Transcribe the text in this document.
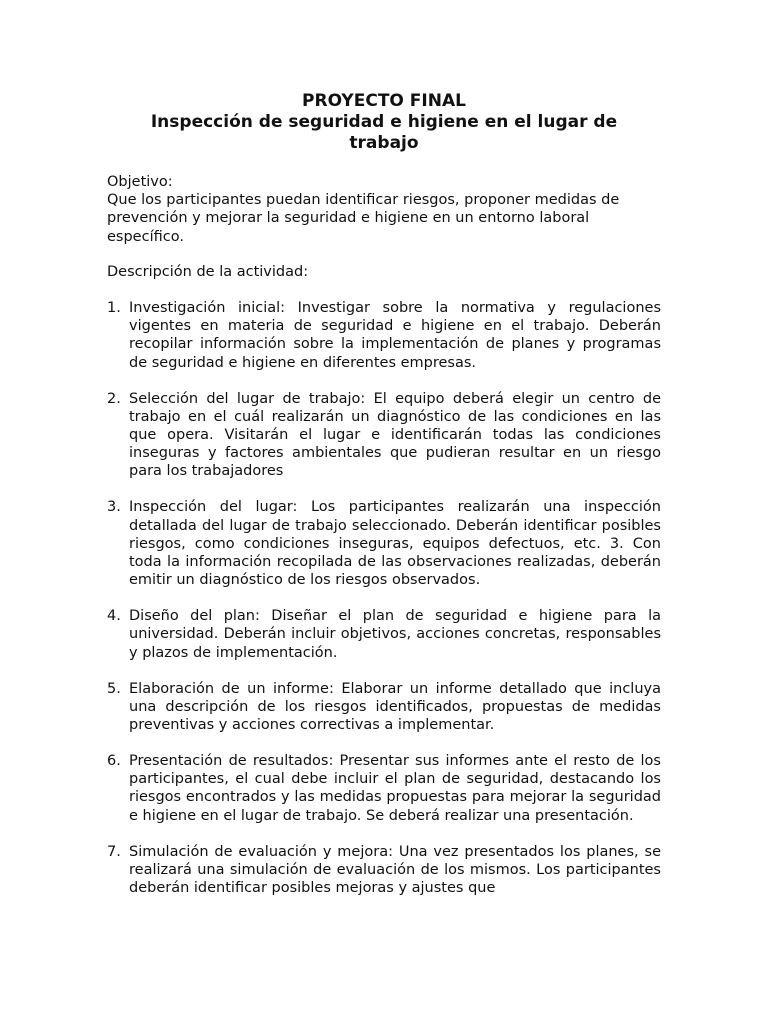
PROYECTO FINAL
Inspección de seguridad e higiene en el lugar de trabajo

Objetivo:

Que los participantes puedan identificar riesgos, proponer medidas de prevención y mejorar la seguridad e higiene en un entorno laboral específico.

Descripción de la actividad:

1. Investigación inicial: Investigar sobre la normativa y regulaciones vigentes en materia de seguridad e higiene en el trabajo. Deberán recopilar información sobre la implementación de planes y programas de seguridad e higiene en diferentes empresas.
2. Selección del lugar de trabajo: El equipo deberá elegir un centro de trabajo en el cuál realizarán un diagnóstico de las condiciones en las que opera. Visitarán el lugar e identificarán todas las condiciones inseguras y factores ambientales que pudieran resultar en un riesgo para los trabajadores
3. Inspección del lugar: Los participantes realizarán una inspección detallada del lugar de trabajo seleccionado. Deberán identificar posibles riesgos, como condiciones inseguras, equipos defectuos, etc. 3. Con toda la información recopilada de las observaciones realizadas, deberán emitir un diagnóstico de los riesgos observados.
4. Diseño del plan: Diseñar el plan de seguridad e higiene para la universidad. Deberán incluir objetivos, acciones concretas, responsables y plazos de implementación.
5. Elaboración de un informe: Elaborar un informe detallado que incluya una descripción de los riesgos identificados, propuestas de medidas preventivas y acciones correctivas a implementar.
6. Presentación de resultados: Presentar sus informes ante el resto de los participantes, el cual debe incluir el plan de seguridad, destacando los riesgos encontrados y las medidas propuestas para mejorar la seguridad e higiene en el lugar de trabajo. Se deberá realizar una presentación.
7. Simulación de evaluación y mejora: Una vez presentados los planes, se realizará una simulación de evaluación de los mismos. Los participantes deberán identificar posibles mejoras y ajustes que
